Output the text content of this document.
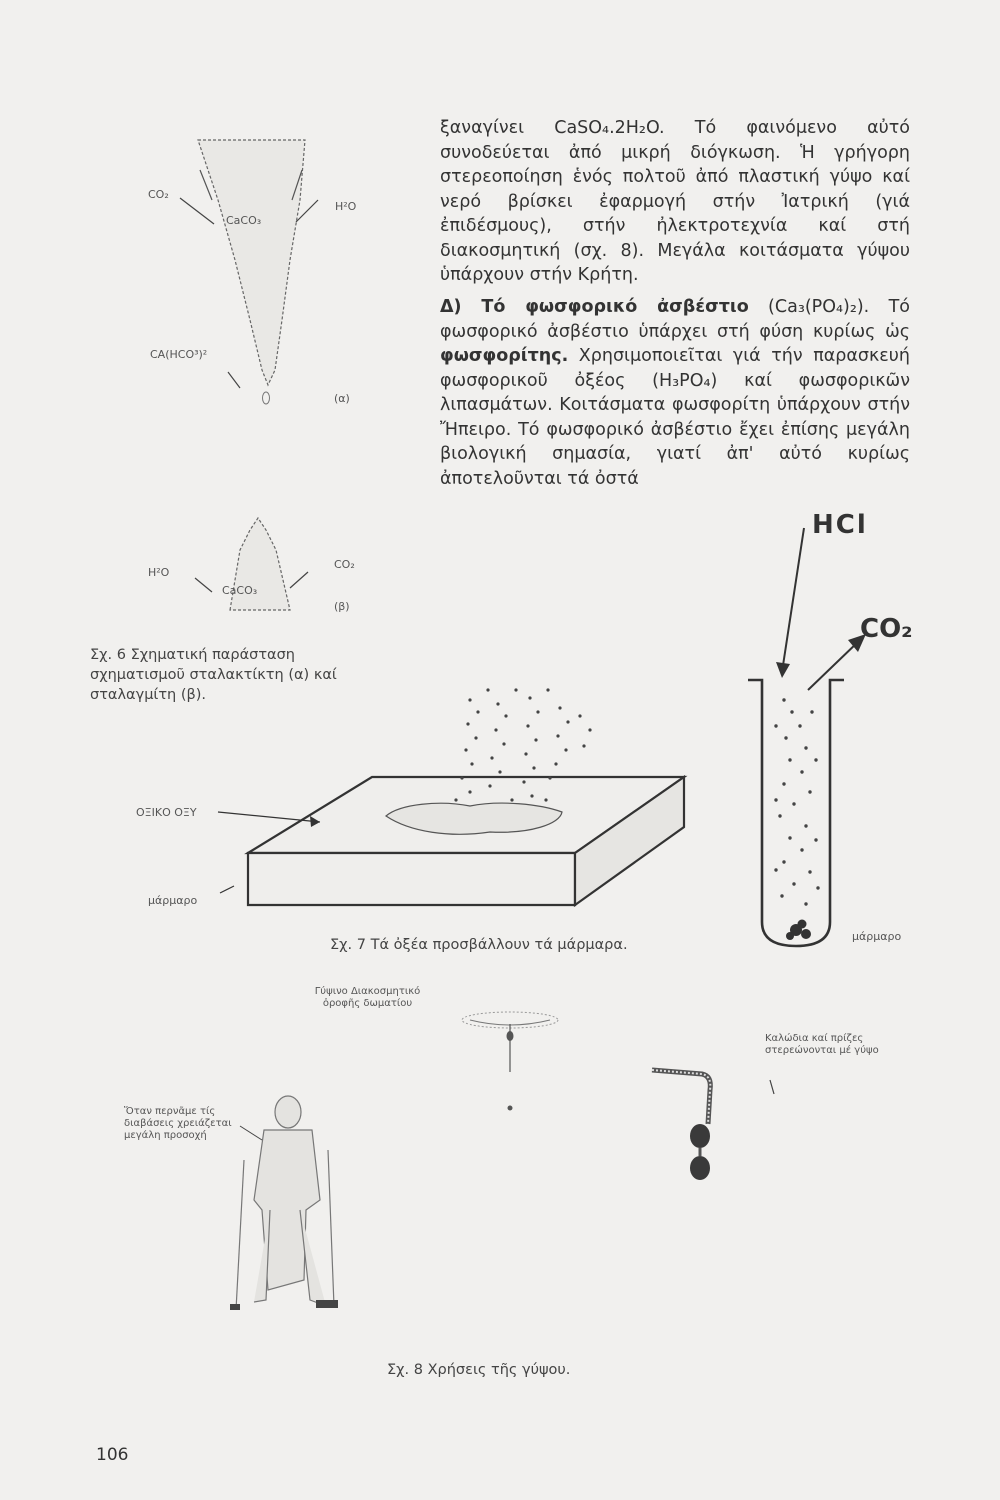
ξαναγίνει CaSO₄.2H₂O. Τό φαινόμενο αὐτό συνοδεύεται ἀπό μικρή διόγκωση. Ἡ γρήγορη στερεοποίηση ἑνός πολτοῦ ἀπό πλαστική γύψο καί νερό βρίσκει ἐφαρμογή στήν Ἰατρική (γιά ἐπιδέσμους), στήν ἠλεκτροτεχνία καί στή διακοσμητική (σχ. 8). Μεγάλα κοιτάσματα γύψου ὑπάρχουν στήν Κρήτη.
Δ) Τό φωσφορικό ἀσβέστιο (Ca₃(PO₄)₂). Τό φωσφορικό ἀσβέστιο ὑπάρχει στή φύση κυρίως ὡς φωσφορίτης. Χρησιμοποιεῖται γιά τήν παρασκευή φωσφορικοῦ ὀξέος (H₃PO₄) καί φωσφορικῶν λιπασμάτων. Κοιτάσματα φωσφορίτη ὑπάρχουν στήν Ἤπειρο. Τό φωσφορικό ἀσβέστιο ἔχει ἐπίσης μεγάλη βιολογική σημασία, γιατί ἀπ' αὐτό κυρίως ἀποτελοῦνται τά ὀστά
CO₂
CaCO₃
H²O
CA(HCO³)²
(α)
H²O
CaCO₃
CO₂
(β)
Σχ. 6 Σχηματική παράσταση σχηματισμοῦ σταλακτίκτη (α) καί σταλαγμίτη (β).
ΟΞΙΚΟ ΟΞΥ
μάρμαρο
HCl
CO₂
μάρμαρο
Σχ. 7 Τά ὀξέα προσβάλλουν τά μάρμαρα.
Γύψινο Διακοσμητικό ὀροφῆς δωματίου
Καλώδια καί πρίζες στερεώνονται μέ γύψο
Ὅταν περνᾶμε τίς διαβάσεις χρειάζεται μεγάλη προσοχή
Σχ. 8 Χρήσεις τῆς γύψου.
106
